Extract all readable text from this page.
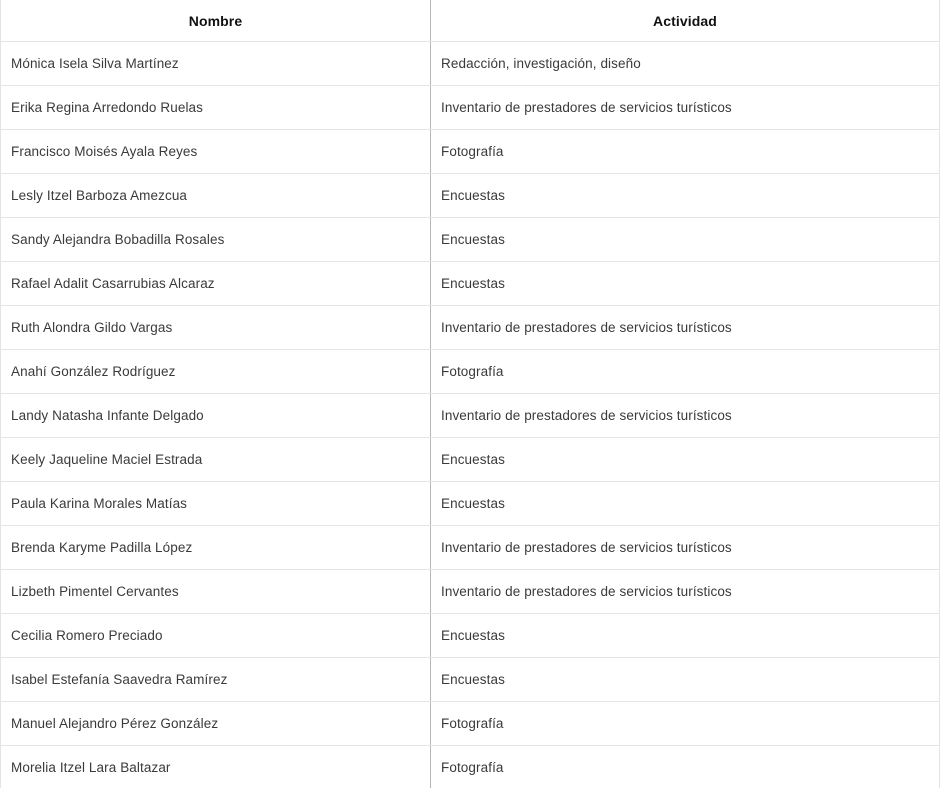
Nombre	Actividad
Mónica Isela Silva Martínez	Redacción, investigación, diseño
Erika Regina Arredondo Ruelas	Inventario de prestadores de servicios turísticos
Francisco Moisés Ayala Reyes	Fotografía
Lesly Itzel Barboza Amezcua	Encuestas
Sandy Alejandra Bobadilla Rosales	Encuestas
Rafael Adalit Casarrubias Alcaraz	Encuestas
Ruth Alondra Gildo Vargas	Inventario de prestadores de servicios turísticos
Anahí González Rodríguez	Fotografía
Landy Natasha Infante Delgado	Inventario de prestadores de servicios turísticos
Keely Jaqueline Maciel Estrada	Encuestas
Paula Karina Morales Matías	Encuestas
Brenda Karyme Padilla López	Inventario de prestadores de servicios turísticos
Lizbeth Pimentel Cervantes	Inventario de prestadores de servicios turísticos
Cecilia Romero Preciado	Encuestas
Isabel Estefanía Saavedra Ramírez	Encuestas
Manuel Alejandro Pérez González	Fotografía
Morelia Itzel Lara Baltazar	Fotografía
